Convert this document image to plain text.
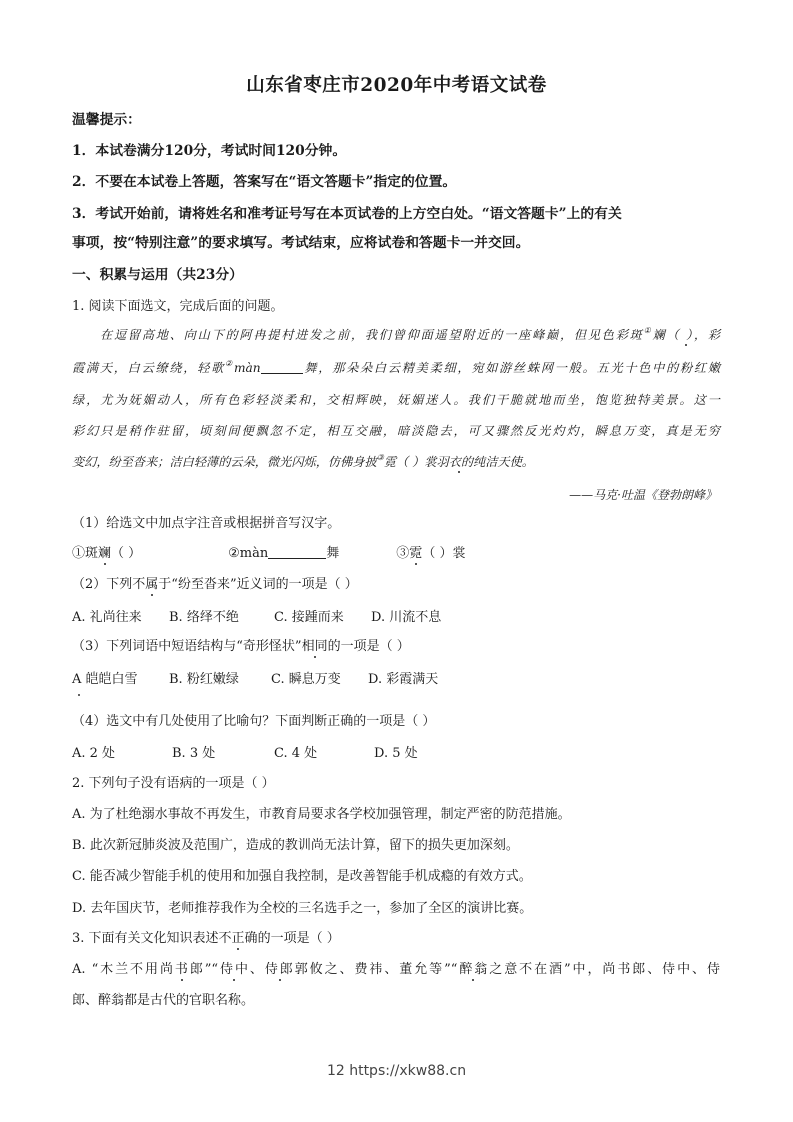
山东省枣庄市2020年中考语文试卷
温馨提示：
1．本试卷满分120分，考试时间120分钟。
2．不要在本试卷上答题，答案写在“语文答题卡”指定的位置。
3．考试开始前，请将姓名和准考证号写在本页试卷的上方空白处。“语文答题卡”上的有关
事项，按“特别注意”的要求填写。考试结束，应将试卷和答题卡一并交回。
一、积累与运用（共23分）
1. 阅读下面选文，完成后面的问题。
在逗留高地、向山下的阿冉提村进发之前，我们曾仰面遥望附近的一座峰巅，但见色彩斑①斓（ ），彩
霞满天，白云缭绕，轻歌②màn	舞，那朵朵白云精美柔细，宛如游丝蛛网一般。五光十色中的粉红嫩
绿，尤为妩媚动人，所有色彩轻淡柔和，交相辉映，妩媚迷人。我们干脆就地而坐，饱览独特美景。这一
彩幻只是稍作驻留，顷刻间便飘忽不定，相互交融，暗淡隐去，可又骤然反光灼灼，瞬息万变，真是无穷
变幻，纷至沓来；洁白轻薄的云朵，微光闪烁，仿佛身披③霓（ ）裳羽衣的纯洁天使。
——马克·吐温《登勃朗峰》
（1）给选文中加点字注音或根据拼音写汉字。
①斑斓（ ）	②màn	舞	③霓（ ）裳
（2）下列不属于“纷至沓来”近义词的一项是（ ）
A. 礼尚往来 B. 络绎不绝	C. 接踵而来 D. 川流不息
（3）下列词语中短语结构与“奇形怪状”相同的一项是（ ）
A 皑皑白雪 B. 粉红嫩绿 C. 瞬息万变 D. 彩霞满天
（4）选文中有几处使用了比喻句？下面判断正确的一项是（ ）
A. 2 处	B. 3 处	C. 4 处	D. 5 处
2. 下列句子没有语病的一项是（ ）
A. 为了杜绝溺水事故不再发生，市教育局要求各学校加强管理，制定严密的防范措施。
B. 此次新冠肺炎波及范围广，造成的教训尚无法计算，留下的损失更加深刻。
C. 能否减少智能手机的使用和加强自我控制，是改善智能手机成瘾的有效方式。
D. 去年国庆节，老师推荐我作为全校的三名选手之一，参加了全区的演讲比赛。
3. 下面有关文化知识表述不正确的一项是（ ）
A. “木兰不用尚书郎”“侍中、侍郎郭攸之、费祎、董允等”“醉翁之意不在酒”中，尚书郎、侍中、侍
郎、醉翁都是古代的官职名称。
12 https://xkw88.cn
